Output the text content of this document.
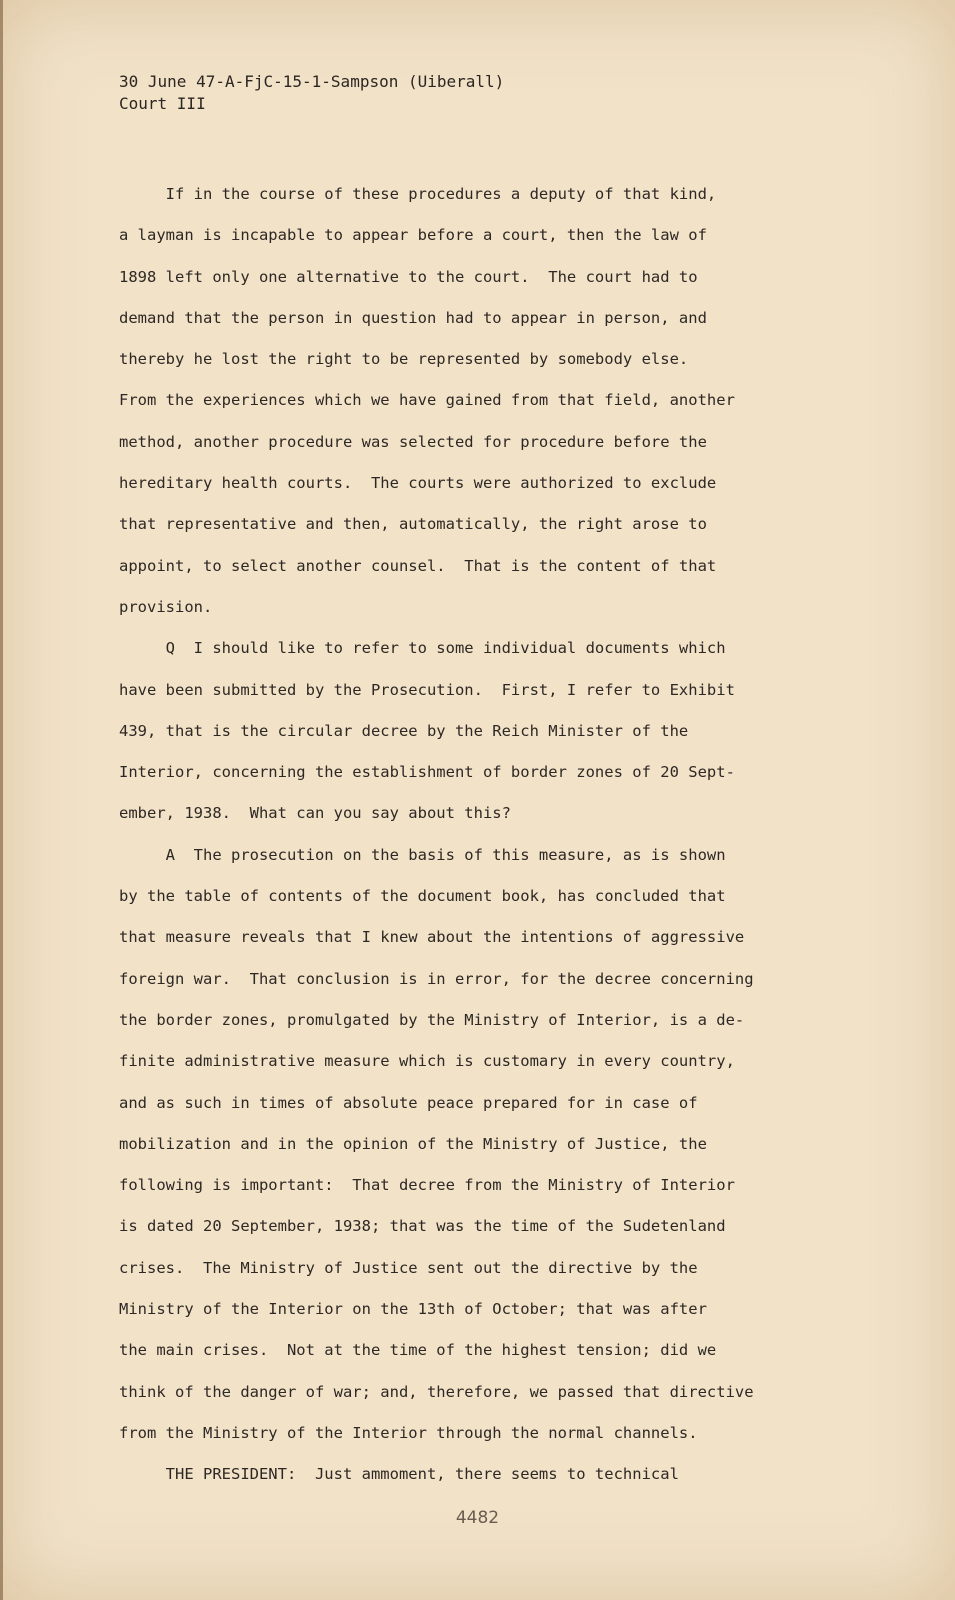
30 June 47-A-FjC-15-1-Sampson (Uiberall)
Court III
If in the course of these procedures a deputy of that kind,
a layman is incapable to appear before a court, then the law of
1898 left only one alternative to the court.  The court had to
demand that the person in question had to appear in person, and
thereby he lost the right to be represented by somebody else.
From the experiences which we have gained from that field, another
method, another procedure was selected for procedure before the
hereditary health courts.  The courts were authorized to exclude
that representative and then, automatically, the right arose to
appoint, to select another counsel.  That is the content of that
provision.
Q  I should like to refer to some individual documents which
have been submitted by the Prosecution.  First, I refer to Exhibit
439, that is the circular decree by the Reich Minister of the
Interior, concerning the establishment of border zones of 20 Sept-
ember, 1938.  What can you say about this?
A  The prosecution on the basis of this measure, as is shown
by the table of contents of the document book, has concluded that
that measure reveals that I knew about the intentions of aggressive
foreign war.  That conclusion is in error, for the decree concerning
the border zones, promulgated by the Ministry of Interior, is a de-
finite administrative measure which is customary in every country,
and as such in times of absolute peace prepared for in case of
mobilization and in the opinion of the Ministry of Justice, the
following is important:  That decree from the Ministry of Interior
is dated 20 September, 1938; that was the time of the Sudetenland
crises.  The Ministry of Justice sent out the directive by the
Ministry of the Interior on the 13th of October; that was after
the main crises.  Not at the time of the highest tension; did we
think of the danger of war; and, therefore, we passed that directive
from the Ministry of the Interior through the normal channels.
THE PRESIDENT:  Just ammoment, there seems to technical
4482
